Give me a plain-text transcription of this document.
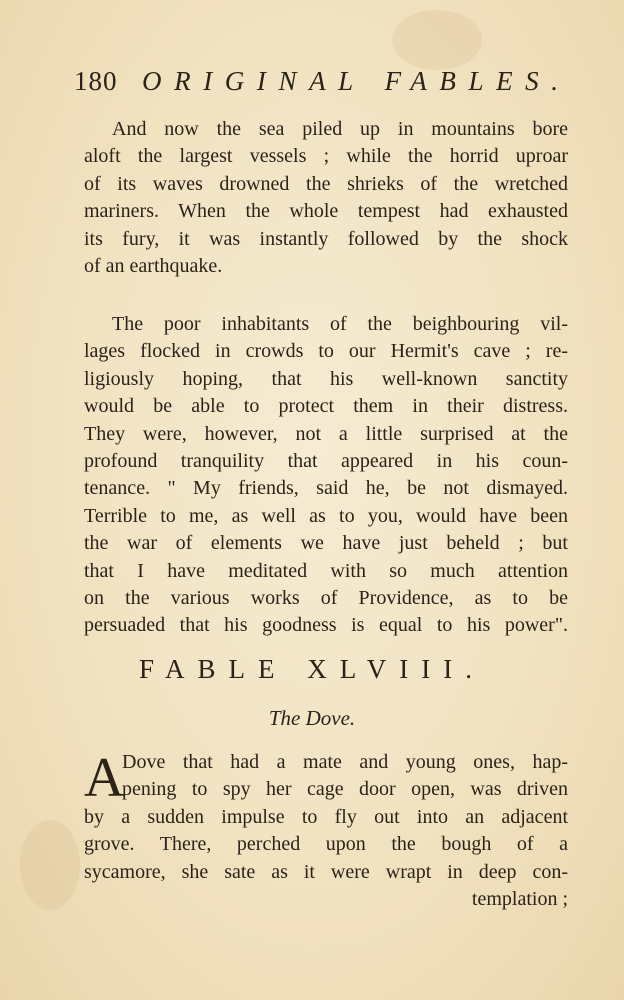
180 ORIGINAL FABLES.
And now the sea piled up in mountains bore
aloft the largest vessels ; while the horrid uproar
of its waves drowned the shrieks of the wretched
mariners. When the whole tempest had exhausted
its fury, it was instantly followed by the shock
of an earthquake.
The poor inhabitants of the beighbouring vil-
lages flocked in crowds to our Hermit's cave ; re-
ligiously hoping, that his well-known sanctity
would be able to protect them in their distress.
They were, however, not a little surprised at the
profound tranquility that appeared in his coun-
tenance. " My friends, said he, be not dismayed.
Terrible to me, as well as to you, would have been
the war of elements we have just beheld ; but
that I have meditated with so much attention
on the various works of Providence, as to be
persuaded that his goodness is equal to his power".
FABLE XLVIII.
The Dove.
A
Dove that had a mate and young ones, hap-
pening to spy her cage door open, was driven
by a sudden impulse to fly out into an adjacent
grove. There, perched upon the bough of a
sycamore, she sate as it were wrapt in deep con-
templation ;
